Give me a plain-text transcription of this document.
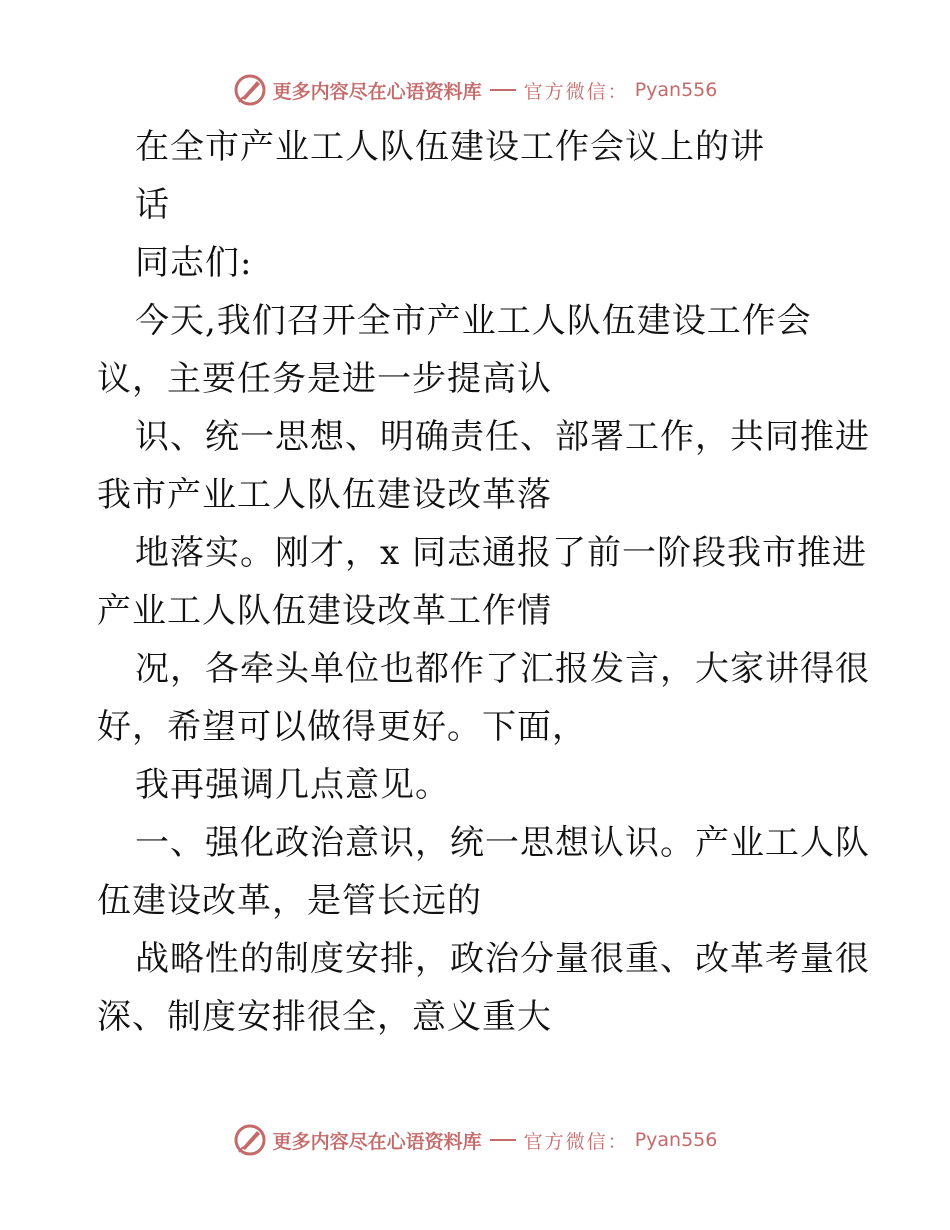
更多内容尽在心语资料库 官方微信： Pyan556
在全市产业工人队伍建设工作会议上的讲
话
同志们:
今天,我们召开全市产业工人队伍建设工作会
议，主要任务是进一步提高认
识、统一思想、明确责任、部署工作，共同推进
我市产业工人队伍建设改革落
地落实。刚才，x 同志通报了前一阶段我市推进
产业工人队伍建设改革工作情
况，各牵头单位也都作了汇报发言，大家讲得很
好，希望可以做得更好。下面，
我再强调几点意见。
一、强化政治意识，统一思想认识。产业工人队
伍建设改革，是管长远的
战略性的制度安排，政治分量很重、改革考量很
深、制度安排很全，意义重大
更多内容尽在心语资料库 官方微信： Pyan556
